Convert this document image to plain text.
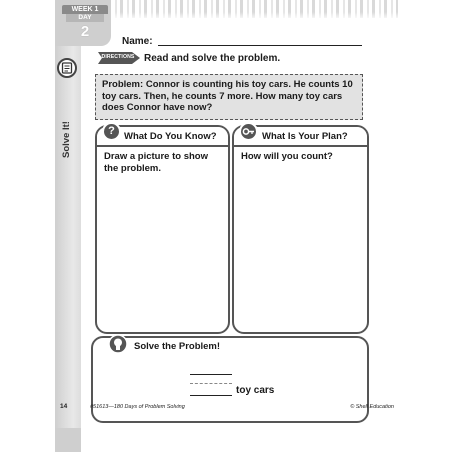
WEEK 1
DAY
2
Solve It!
Name:
DIRECTIONS Read and solve the problem.
Problem: Connor is counting his toy cars. He counts 10 toy cars. Then, he counts 7 more. How many toy cars does Connor have now?
What Do You Know?
Draw a picture to show the problem.
?	What Is Your Plan?
How will you count?
Solve the Problem!
toy cars
14	#51613—180 Days of Problem Solving	© Shell Education
